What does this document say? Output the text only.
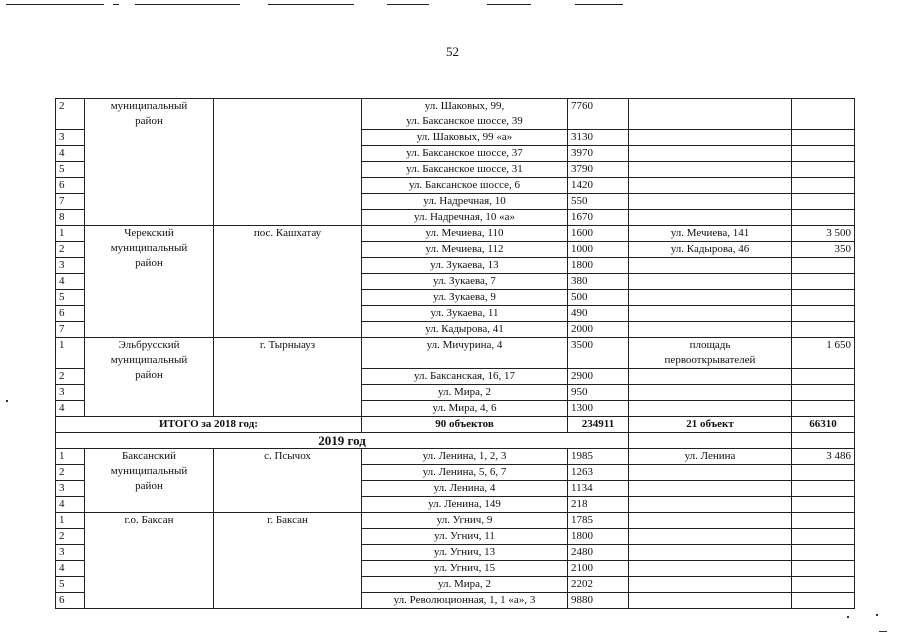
52
2	муниципальный
район		ул. Шаковых, 99,
ул. Баксанское шоссе, 39	7760		
3			ул. Шаковых, 99 «а»	3130		
4			ул. Баксанское шоссе, 37	3970		
5			ул. Баксанское шоссе, 31	3790		
6			ул. Баксанское шоссе, 6	1420		
7			ул. Надречная, 10	550		
8			ул. Надречная, 10 «а»	1670		
1	Черекский
муниципальный
район	пос. Кашхатау	ул. Мечиева, 110	1600	ул. Мечиева, 141	3 500
2			ул. Мечиева, 112	1000	ул. Кадырова, 46	350
3			ул. Зукаева, 13	1800		
4			ул. Зукаева, 7	380		
5			ул. Зукаева, 9	500		
6			ул. Зукаева, 11	490		
7			ул. Кадырова, 41	2000		
1	Эльбрусский
муниципальный
район	г. Тырныауз	ул. Мичурина, 4	3500	площадь
первооткрывателей	1 650
2			ул. Баксанская, 16, 17	2900		
3			ул. Мира, 2	950		
4			ул. Мира, 4, 6	1300		
ИТОГО за 2018 год:			90 объектов	234911	21 объект	66310
2019 год						
1	Баксанский
муниципальный
район	с. Псычох	ул. Ленина, 1, 2, 3	1985	ул. Ленина	3 486
2			ул. Ленина, 5, 6, 7	1263		
3			ул. Ленина, 4	1134		
4			ул. Ленина, 149	218		
1	г.о. Баксан	г. Баксан	ул. Угнич, 9	1785		
2			ул. Угнич, 11	1800		
3			ул. Угнич, 13	2480		
4			ул. Угнич, 15	2100		
5			ул. Мира, 2	2202		
6			ул. Революционная, 1, 1 «а», 3	9880		
